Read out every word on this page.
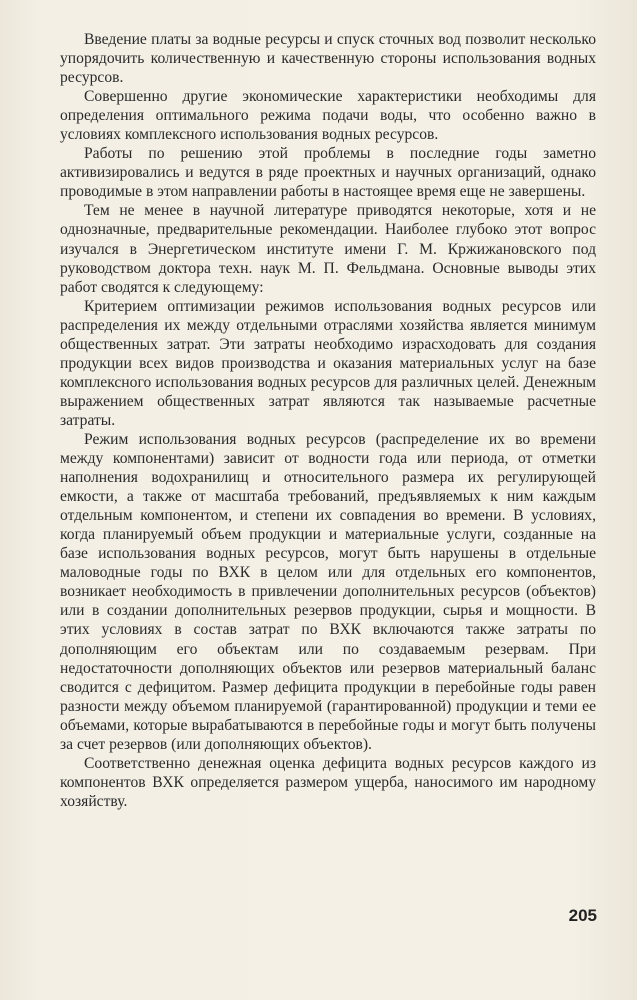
Введение платы за водные ресурсы и спуск сточных вод позволит несколько упорядочить количественную и качественную стороны использования водных ресурсов.

Совершенно другие экономические характеристики необходимы для определения оптимального режима подачи воды, что особенно важно в условиях комплексного использования водных ресурсов.

Работы по решению этой проблемы в последние годы заметно активизировались и ведутся в ряде проектных и научных организаций, однако проводимые в этом направлении работы в настоящее время еще не завершены.

Тем не менее в научной литературе приводятся некоторые, хотя и не однозначные, предварительные рекомендации. Наиболее глубоко этот вопрос изучался в Энергетическом институте имени Г. М. Кржижановского под руководством доктора техн. наук М. П. Фельдмана. Основные выводы этих работ сводятся к следующему:

Критерием оптимизации режимов использования водных ресурсов или распределения их между отдельными отраслями хозяйства является минимум общественных затрат. Эти затраты необходимо израсходовать для создания продукции всех видов производства и оказания материальных услуг на базе комплексного использования водных ресурсов для различных целей. Денежным выражением общественных затрат являются так называемые расчетные затраты.

Режим использования водных ресурсов (распределение их во времени между компонентами) зависит от водности года или периода, от отметки наполнения водохранилищ и относительного размера их регулирующей емкости, а также от масштаба требований, предъявляемых к ним каждым отдельным компонентом, и степени их совпадения во времени. В условиях, когда планируемый объем продукции и материальные услуги, созданные на базе использования водных ресурсов, могут быть нарушены в отдельные маловодные годы по ВХК в целом или для отдельных его компонентов, возникает необходимость в привлечении дополнительных ресурсов (объектов) или в создании дополнительных резервов продукции, сырья и мощности. В этих условиях в состав затрат по ВХК включаются также затраты по дополняющим его объектам или по создаваемым резервам. При недостаточности дополняющих объектов или резервов материальный баланс сводится с дефицитом. Размер дефицита продукции в перебойные годы равен разности между объемом планируемой (гарантированной) продукции и теми ее объемами, которые вырабатываются в перебойные годы и могут быть получены за счет резервов (или дополняющих объектов).

Соответственно денежная оценка дефицита водных ресурсов каждого из компонентов ВХК определяется размером ущерба, наносимого им народному хозяйству.

205
